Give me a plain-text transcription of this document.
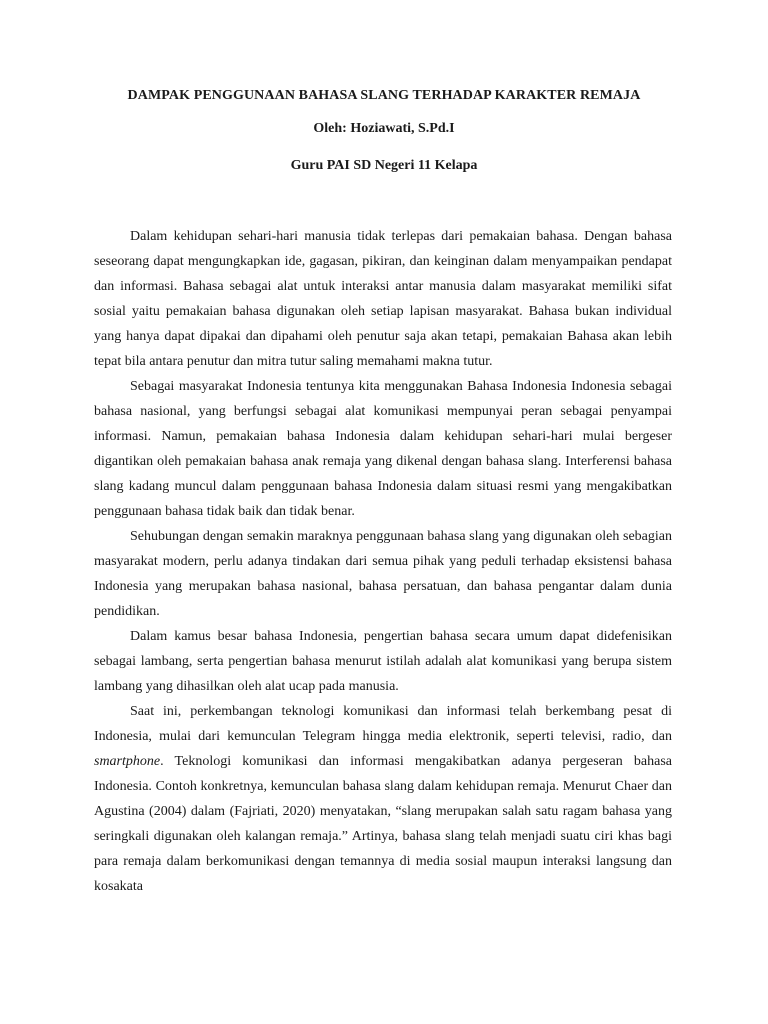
DAMPAK PENGGUNAAN BAHASA SLANG TERHADAP KARAKTER REMAJA
Oleh: Hoziawati, S.Pd.I
Guru PAI SD Negeri 11 Kelapa

Dalam kehidupan sehari-hari manusia tidak terlepas dari pemakaian bahasa. Dengan bahasa seseorang dapat mengungkapkan ide, gagasan, pikiran, dan keinginan dalam menyampaikan pendapat dan informasi. Bahasa sebagai alat untuk interaksi antar manusia dalam masyarakat memiliki sifat sosial yaitu pemakaian bahasa digunakan oleh setiap lapisan masyarakat. Bahasa bukan individual yang hanya dapat dipakai dan dipahami oleh penutur saja akan tetapi, pemakaian Bahasa akan lebih tepat bila antara penutur dan mitra tutur saling memahami makna tutur.

Sebagai masyarakat Indonesia tentunya kita menggunakan Bahasa Indonesia Indonesia sebagai bahasa nasional, yang berfungsi sebagai alat komunikasi mempunyai peran sebagai penyampai informasi. Namun, pemakaian bahasa Indonesia dalam kehidupan sehari-hari mulai bergeser digantikan oleh pemakaian bahasa anak remaja yang dikenal dengan bahasa slang. Interferensi bahasa slang kadang muncul dalam penggunaan bahasa Indonesia dalam situasi resmi yang mengakibatkan penggunaan bahasa tidak baik dan tidak benar.

Sehubungan dengan semakin maraknya penggunaan bahasa slang yang digunakan oleh sebagian masyarakat modern, perlu adanya tindakan dari semua pihak yang peduli terhadap eksistensi bahasa Indonesia yang merupakan bahasa nasional, bahasa persatuan, dan bahasa pengantar dalam dunia pendidikan.

Dalam kamus besar bahasa Indonesia, pengertian bahasa secara umum dapat didefenisikan sebagai lambang, serta pengertian bahasa menurut istilah adalah alat komunikasi yang berupa sistem lambang yang dihasilkan oleh alat ucap pada manusia.

Saat ini, perkembangan teknologi komunikasi dan informasi telah berkembang pesat di Indonesia, mulai dari kemunculan Telegram hingga media elektronik, seperti televisi, radio, dan smartphone. Teknologi komunikasi dan informasi mengakibatkan adanya pergeseran bahasa Indonesia. Contoh konkretnya, kemunculan bahasa slang dalam kehidupan remaja. Menurut Chaer dan Agustina (2004) dalam (Fajriati, 2020) menyatakan, “slang merupakan salah satu ragam bahasa yang seringkali digunakan oleh kalangan remaja.” Artinya, bahasa slang telah menjadi suatu ciri khas bagi para remaja dalam berkomunikasi dengan temannya di media sosial maupun interaksi langsung dan kosakata
